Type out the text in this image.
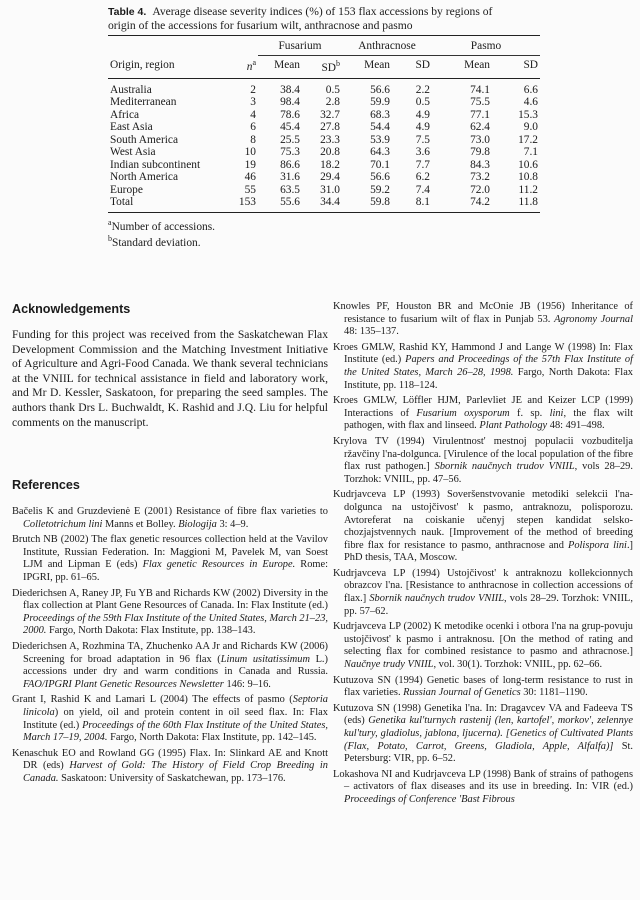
Table 4. Average disease severity indices (%) of 153 flax accessions by regions of
origin of the accessions for fusarium wilt, anthracnose and pasmo
		Fusarium		Anthracnose		Pasmo	
Origin, region	$n^a$	Mean	$SD^b$	Mean	SD	Mean	SD
Australia	2	38.4	0.5	56.6	2.2	74.1	6.6
Mediterranean	3	98.4	2.8	59.9	0.5	75.5	4.6
Africa	4	78.6	32.7	68.3	4.9	77.1	15.3
East Asia	6	45.4	27.8	54.4	4.9	62.4	9.0
South America	8	25.5	23.3	53.9	7.5	73.0	17.2
West Asia	10	75.3	20.8	64.3	3.6	79.8	7.1
Indian subcontinent	19	86.6	18.2	70.1	7.7	84.3	10.6
North America	46	31.6	29.4	56.6	6.2	73.2	10.8
Europe	55	63.5	31.0	59.2	7.4	72.0	11.2
Total	153	55.6	34.4	59.8	8.1	74.2	11.8
$^a$Number of accessions.
$^b$Standard deviation.
Acknowledgements
Funding for this project was received from the Saskatchewan Flax Development Commission and the Matching Investment Initiative of Agriculture and Agri-Food Canada. We thank several technicians at the VNIIL for technical assistance in field and laboratory work, and Mr D. Kessler, Saskatoon, for preparing the seed samples. The authors thank Drs L. Buchwaldt, K. Rashid and J.Q. Liu for helpful comments on the manuscript.
References

Bačelis K and Gruzdevienė E (2001) Resistance of fibre flax varieties to Colletotrichum lini Manns et Bolley. Biologija 3: 4–9.

Brutch NB (2002) The flax genetic resources collection held at the Vavilov Institute, Russian Federation. In: Maggioni M, Pavelek M, van Soest LJM and Lipman E (eds) Flax genetic Resources in Europe. Rome: IPGRI, pp. 61–65.

Diederichsen A, Raney JP, Fu YB and Richards KW (2002) Diversity in the flax collection at Plant Gene Resources of Canada. In: Flax Institute (ed.) Proceedings of the 59th Flax Institute of the United States, March 21–23, 2000. Fargo, North Dakota: Flax Institute, pp. 138–143.

Diederichsen A, Rozhmina TA, Zhuchenko AA Jr and Richards KW (2006) Screening for broad adaptation in 96 flax (Linum usitatissimum L.) accessions under dry and warm conditions in Canada and Russia. FAO/IPGRI Plant Genetic Resources Newsletter 146: 9–16.

Grant I, Rashid K and Lamari L (2004) The effects of pasmo (Septoria linicola) on yield, oil and protein content in oil seed flax. In: Flax Institute (ed.) Proceedings of the 60th Flax Institute of the United States, March 17–19, 2004. Fargo, North Dakota: Flax Institute, pp. 142–145.

Kenaschuk EO and Rowland GG (1995) Flax. In: Slinkard AE and Knott DR (eds) Harvest of Gold: The History of Field Crop Breeding in Canada. Saskatoon: University of Saskatchewan, pp. 173–176.

Knowles PF, Houston BR and McOnie JB (1956) Inheritance of resistance to fusarium wilt of flax in Punjab 53. Agronomy Journal 48: 135–137.

Kroes GMLW, Rashid KY, Hammond J and Lange W (1998) In: Flax Institute (ed.) Papers and Proceedings of the 57th Flax Institute of the United States, March 26–28, 1998. Fargo, North Dakota: Flax Institute, pp. 118–124.

Kroes GMLW, Löffler HJM, Parlevliet JE and Keizer LCP (1999) Interactions of Fusarium oxysporum f. sp. lini, the flax wilt pathogen, with flax and linseed. Plant Pathology 48: 491–498.

Krylova TV (1994) Virulentnost' mestnoj populacii vozbuditelja ržavčiny l'na-dolgunca. [Virulence of the local population of the fibre flax rust pathogen.] Sbornik naučnych trudov VNIIL, vols 28–29. Torzhok: VNIIL, pp. 47–56.

Kudrjavceva LP (1993) Soveršenstvovanie metodiki selekcii l'na-dolgunca na ustojčivost' k pasmo, antraknozu, polisporozu. Avtoreferat na coiskanie učenyj stepen kandidat selsko-chozjajstvennych nauk. [Improvement of the method of breeding fibre flax for resistance to pasmo, anthracnose and Polispora lini.] PhD thesis, TAA, Moscow.

Kudrjavceva LP (1994) Ustojčivost' k antraknozu kollekcionnych obrazcov l'na. [Resistance to anthracnose in collection accessions of flax.] Sbornik naučnych trudov VNIIL, vols 28–29. Torzhok: VNIIL, pp. 57–62.

Kudrjavceva LP (2002) K metodike ocenki i otbora l'na na grup-povuju ustojčivost' k pasmo i antraknosu. [On the method of rating and selecting flax for combined resistance to pasmo and athracnose.] Naučnye trudy VNIIL, vol. 30(1). Torzhok: VNIIL, pp. 62–66.

Kutuzova SN (1994) Genetic bases of long-term resistance to rust in flax varieties. Russian Journal of Genetics 30: 1181–1190.

Kutuzova SN (1998) Genetika l'na. In: Dragavcev VA and Fadeeva TS (eds) Genetika kul'turnych rastenij (len, kartofel', morkov', zelennye kul'tury, gladiolus, jablona, ljucerna). [Genetics of Cultivated Plants (Flax, Potato, Carrot, Greens, Gladiola, Apple, Alfalfa)] St. Petersburg: VIR, pp. 6–52.

Lokashova NI and Kudrjavceva LP (1998) Bank of strains of pathogens – activators of flax diseases and its use in breeding. In: VIR (ed.) Proceedings of Conference 'Bast Fibrous
